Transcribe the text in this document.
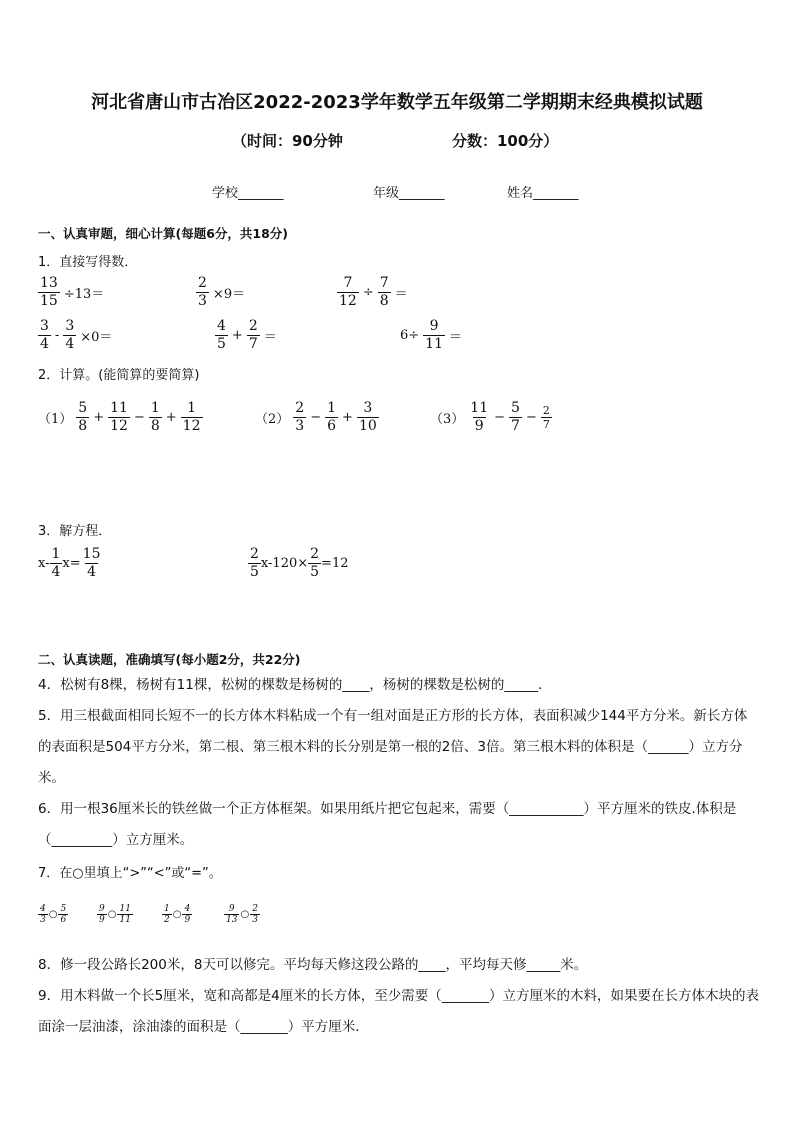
河北省唐山市古冶区2022-2023学年数学五年级第二学期期末经典模拟试题
（时间：90分钟	分数：100分）
学校_______	年级_______	姓名_______
一、认真审题，细心计算(每题6分，共18分)
1．直接写得数．
$\frac{13}{15} \div 13=$	$\frac{2}{3} \times 9=$	$\frac{7}{12} \div \frac{7}{8}$ ＝
$\frac{3}{4} - \frac{3}{4} \times 0=$	$\frac{4}{5} + \frac{2}{7}$ ＝	$6\div \frac{9}{11}$ ＝
2．计算。(能简算的要简算)
$(1) \frac{5}{8} + \frac{11}{12} - \frac{1}{8} + \frac{1}{12}$	$(2) \frac{2}{3} - \frac{1}{6} + \frac{3}{10}$	$(3) \frac{11}{9} - \frac{5}{7} - \frac{2}{7}$
3．解方程．
$x- \frac{1}{4} x= \frac{15}{4}$	$\frac{2}{5} x-120\times \frac{2}{5} =12$
二、认真读题，准确填写(每小题2分，共22分)
4．松树有8棵，杨树有11棵，松树的棵数是杨树的____，杨树的棵数是松树的_____．
5．用三根截面相同长短不一的长方体木料粘成一个有一组对面是正方形的长方体，表面积减少144平方分米。新长方体的表面积是504平方分米，第二根、第三根木料的长分别是第一根的2倍、3倍。第三根木料的体积是（______）立方分米。
6．用一根36厘米长的铁丝做一个正方体框架。如果用纸片把它包起来，需要（___________）平方厘米的铁皮.体积是（_________）立方厘米。
7．在○里填上“>”“<”或“=”。
$\frac{4}{3}$ ○ $\frac{5}{6}$	$\frac{9}{9}$ ○ $\frac{11}{11}$	$\frac{1}{2}$ ○ $\frac{4}{9}$	$\frac{9}{13}$ ○ $\frac{2}{3}$
8．修一段公路长200米，8天可以修完。平均每天修这段公路的____，平均每天修_____米。
9．用木料做一个长5厘米，宽和高都是4厘米的长方体，至少需要（_______）立方厘米的木料，如果要在长方体木块的表面涂一层油漆，涂油漆的面积是（_______）平方厘米．
